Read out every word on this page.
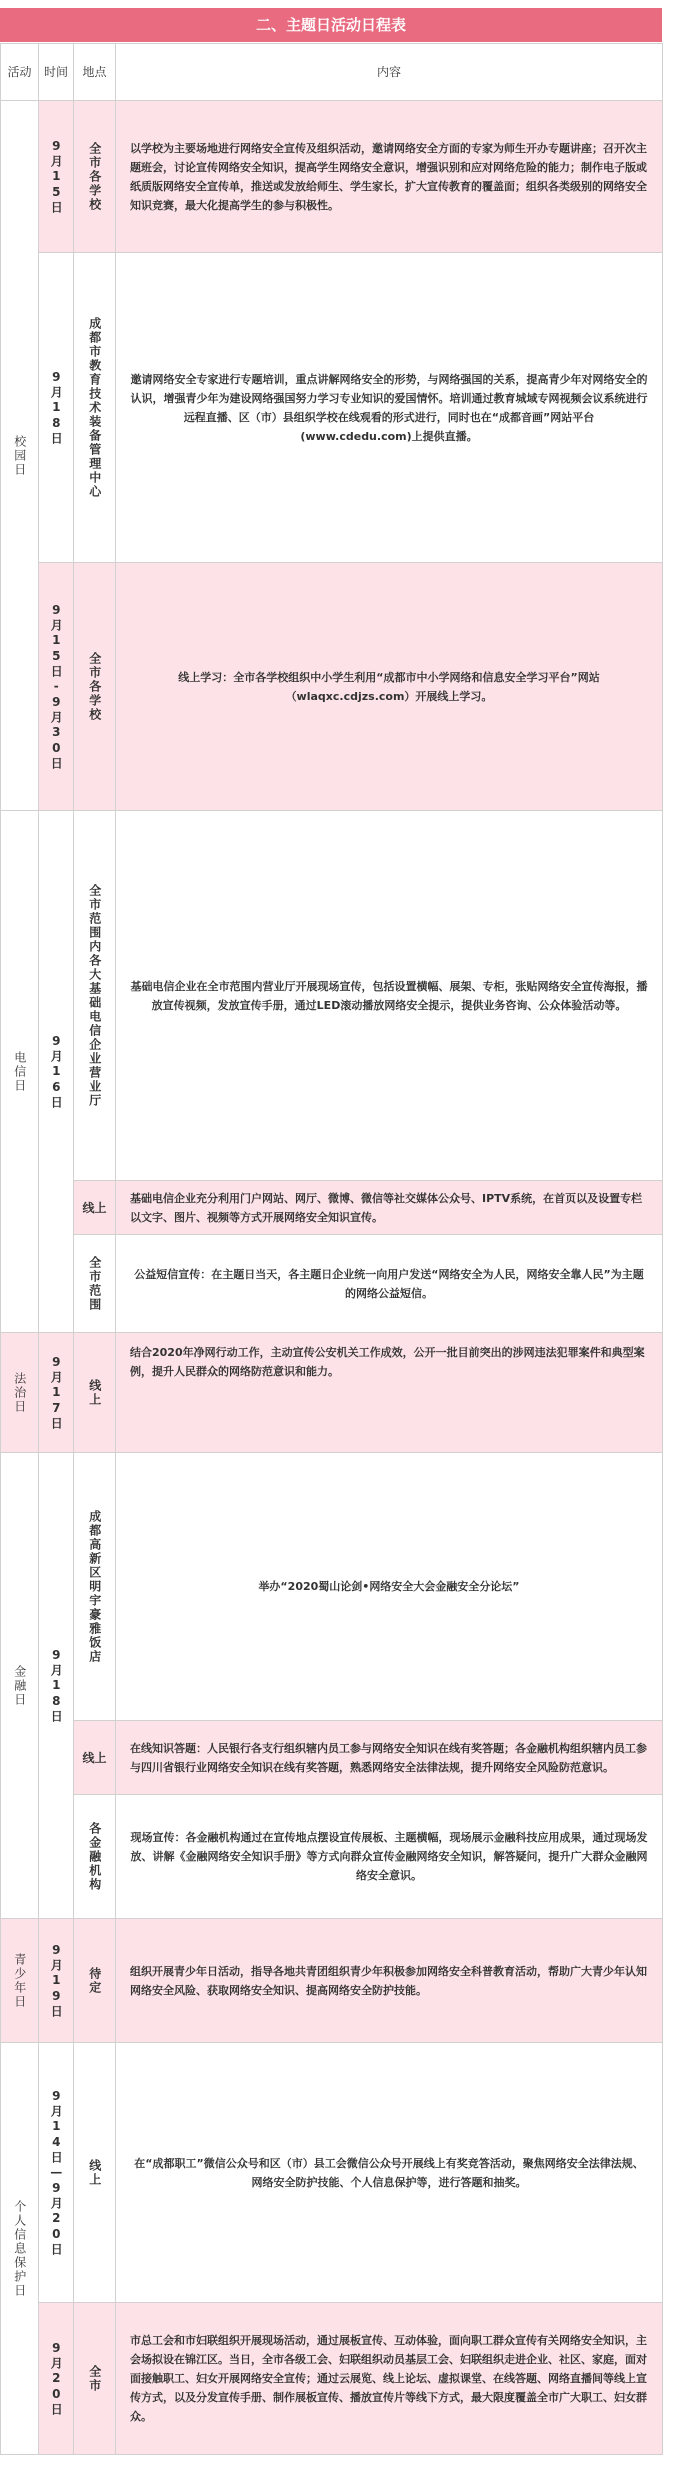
二、主题日活动日程表
活动	时间	地点	内容

校园日	9月15日	全市各学校	以学校为主要场地进行网络安全宣传及组织活动，邀请网络安全方面的专家为师生开办专题讲座；召开次主题班会，讨论宣传网络安全知识，提高学生网络安全意识，增强识别和应对网络危险的能力；制作电子版或纸质版网络安全宣传单，推送或发放给师生、学生家长，扩大宣传教育的覆盖面；组织各类级别的网络安全知识竞赛，最大化提高学生的参与积极性。

	9月18日	成都市教育技术装备管理中心	邀请网络安全专家进行专题培训，重点讲解网络安全的形势，与网络强国的关系，提高青少年对网络安全的认识，增强青少年为建设网络强国努力学习专业知识的爱国情怀。培训通过教育城域专网视频会议系统进行远程直播、区（市）县组织学校在线观看的形式进行，同时也在“成都音画”网站平台(www.cdedu.com)上提供直播。

	9月15日-9月30日	全市各学校	线上学习：全市各学校组织中小学生利用“成都市中小学网络和信息安全学习平台”网站（wlaqxc.cdjzs.com）开展线上学习。

电信日	9月16日	全市范围内各大基础电信企业营业厅	基础电信企业在全市范围内营业厅开展现场宣传，包括设置横幅、展架、专柜，张贴网络安全宣传海报，播放宣传视频，发放宣传手册，通过LED滚动播放网络安全提示，提供业务咨询、公众体验活动等。

		线上	基础电信企业充分利用门户网站、网厅、微博、微信等社交媒体公众号、IPTV系统，在首页以及设置专栏以文字、图片、视频等方式开展网络安全知识宣传。

		全市范围	公益短信宣传：在主题日当天，各主题日企业统一向用户发送“网络安全为人民，网络安全靠人民”为主题的网络公益短信。

法治日	9月17日	线上	结合2020年净网行动工作，主动宣传公安机关工作成效，公开一批目前突出的涉网违法犯罪案件和典型案例，提升人民群众的网络防范意识和能力。

金融日	9月18日	成都高新区明宇豪雅饭店	举办“2020蜀山论剑•网络安全大会金融安全分论坛”

		线上	在线知识答题：人民银行各支行组织辖内员工参与网络安全知识在线有奖答题；各金融机构组织辖内员工参与四川省银行业网络安全知识在线有奖答题，熟悉网络安全法律法规，提升网络安全风险防范意识。

		各金融机构	现场宣传：各金融机构通过在宣传地点摆设宣传展板、主题横幅，现场展示金融科技应用成果，通过现场发放、讲解《金融网络安全知识手册》等方式向群众宣传金融网络安全知识，解答疑问，提升广大群众金融网络安全意识。

青少年日	9月19日	待定	组织开展青少年日活动，指导各地共青团组织青少年积极参加网络安全科普教育活动，帮助广大青少年认知网络安全风险、获取网络安全知识、提高网络安全防护技能。

个人信息保护日	9月14日—9月20日	线上	在“成都职工”微信公众号和区（市）县工会微信公众号开展线上有奖竞答活动，聚焦网络安全法律法规、网络安全防护技能、个人信息保护等，进行答题和抽奖。

	9月20日	全市	市总工会和市妇联组织开展现场活动，通过展板宣传、互动体验，面向职工群众宣传有关网络安全知识，主会场拟设在锦江区。当日，全市各级工会、妇联组织动员基层工会、妇联组织走进企业、社区、家庭，面对面接触职工、妇女开展网络安全宣传；通过云展览、线上论坛、虚拟课堂、在线答题、网络直播间等线上宣传方式，以及分发宣传手册、制作展板宣传、播放宣传片等线下方式，最大限度覆盖全市广大职工、妇女群众。
